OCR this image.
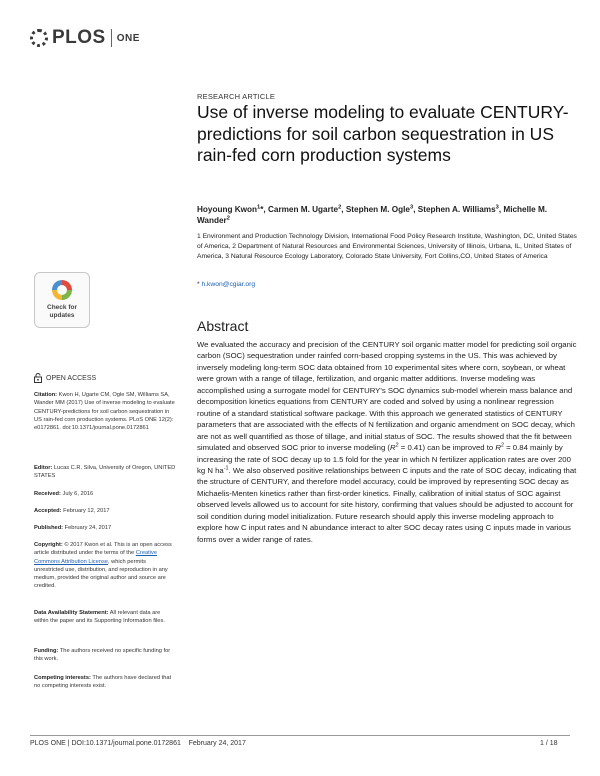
PLOS ONE
RESEARCH ARTICLE
Use of inverse modeling to evaluate CENTURY-predictions for soil carbon sequestration in US rain-fed corn production systems
Hoyoung Kwon$^1$*, Carmen M. Ugarte$^2$, Stephen M. Ogle$^3$, Stephen A. Williams$^3$, Michelle M. Wander$^2$
1 Environment and Production Technology Division, International Food Policy Research Institute, Washington, DC, United States of America, 2 Department of Natural Resources and Environmental Sciences, University of Illinois, Urbana, IL, United States of America, 3 Natural Resource Ecology Laboratory, Colorado State University, Fort Collins,CO, United States of America
* h.kwon@cgiar.org
Abstract
We evaluated the accuracy and precision of the CENTURY soil organic matter model for predicting soil organic carbon (SOC) sequestration under rainfed corn-based cropping systems in the US. This was achieved by inversely modeling long-term SOC data obtained from 10 experimental sites where corn, soybean, or wheat were grown with a range of tillage, fertilization, and organic matter additions. Inverse modeling was accomplished using a surrogate model for CENTURY's SOC dynamics sub-model wherein mass balance and decomposition kinetics equations from CENTURY are coded and solved by using a nonlinear regression routine of a standard statistical software package. With this approach we generated statistics of CENTURY parameters that are associated with the effects of N fertilization and organic amendment on SOC decay, which are not as well quantified as those of tillage, and initial status of SOC. The results showed that the fit between simulated and observed SOC prior to inverse modeling $(R^2 = 0.41)$ can be improved to $R^2 = 0.84$ mainly by increasing the rate of SOC decay up to 1.5 fold for the year in which N fertilizer application rates are over 200 kg N $ha^{-1}$. We also observed positive relationships between C inputs and the rate of SOC decay, indicating that the structure of CENTURY, and therefore model accuracy, could be improved by representing SOC decay as Michaelis-Menten kinetics rather than first-order kinetics. Finally, calibration of initial status of SOC against observed levels allowed us to account for site history, confirming that values should be adjusted to account for soil condition during model initialization. Future research should apply this inverse modeling approach to explore how C input rates and N abundance interact to alter SOC decay rates using C inputs made in various forms over a wider range of rates.
Check for updates
OPEN ACCESS
Citation: Kwon H, Ugarte CM, Ogle SM, Williams SA, Wander MM (2017) Use of inverse modeling to evaluate CENTURY-predictions for soil carbon sequestration in US rain-fed corn production systems. PLoS ONE 12(2): e0172861. doi:10.1371/journal.pone.0172861
Editor: Lucas C.R. Silva, University of Oregon, UNITED STATES
Received: July 6, 2016
Accepted: February 12, 2017
Published: February 24, 2017
Copyright: © 2017 Kwon et al. This is an open access article distributed under the terms of the Creative Commons Attribution License, which permits unrestricted use, distribution, and reproduction in any medium, provided the original author and source are credited.
Data Availability Statement: All relevant data are within the paper and its Supporting Information files.
Funding: The authors received no specific funding for this work.
Competing interests: The authors have declared that no competing interests exist.
PLOS ONE | DOI:10.1371/journal.pone.0172861    February 24, 2017	1 / 18
